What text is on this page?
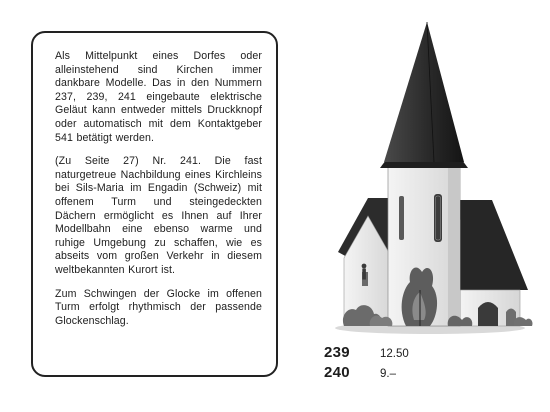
Als Mittelpunkt eines Dorfes oder alleinstehend sind Kirchen immer dankbare Modelle. Das in den Nummern 237, 239, 241 eingebaute elektrische Geläut kann entweder mittels Druckknopf oder automatisch mit dem Kontaktgeber 541 betätigt werden.

(Zu Seite 27) Nr. 241. Die fast naturgetreue Nachbildung eines Kirchleins bei Sils-Maria im Engadin (Schweiz) mit offenem Turm und steingedeckten Dächern ermöglicht es Ihnen auf Ihrer Modellbahn eine ebenso warme und ruhige Umgebung zu schaffen, wie es abseits vom großen Verkehr in diesem weltbekannten Kurort ist.

Zum Schwingen der Glocke im offenen Turm erfolgt rhythmisch der passende Glockenschlag.

239	12.50
240	9.–
